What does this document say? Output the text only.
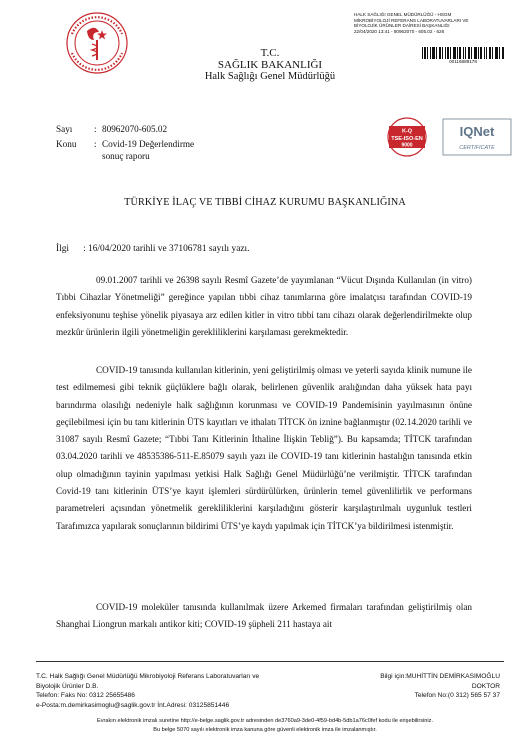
T.C.
SAĞLIK BAKANLIĞI
Halk Sağlığı Genel Müdürlüğü
HALK SAĞLIĞI GENEL MÜDÜRLÜĞÜ - HSGM
MİKROBİYOLOJİ REFERANS LABORATUVARLARI VE
BİYOLOJİK ÜRÜNLER DAİRESİ BAŞKANLIĞI
22/04/2020 13:41 - 80962070 - 605.02 - 626
00116889178
Sayı : 80962070-605.02
Konu : Covid-19 Değerlendirme sonuç raporu
K-Q
TSE-ISO-EN
9000
IQNet
CERTIFICATE
TÜRKİYE İLAÇ VE TIBBİ CİHAZ KURUMU BAŞKANLIĞINA
İlgi      : 16/04/2020 tarihli ve 37106781 sayılı yazı.
09.01.2007 tarihli ve 26398 sayılı Resmî Gazete’de yayımlanan “Vücut Dışında Kullanılan (in vitro) Tıbbi Cihazlar Yönetmeliği” gereğince yapılan tıbbi cihaz tanımlarına göre imalatçısı tarafından COVID-19 enfeksiyonunu teşhise yönelik piyasaya arz edilen kitler in vitro tıbbi tanı cihazı olarak değerlendirilmekte olup mezkûr ürünlerin ilgili yönetmeliğin gerekliliklerini karşılaması gerekmektedir.
COVID-19 tanısında kullanılan kitlerinin, yeni geliştirilmiş olması ve yeterli sayıda klinik numune ile test edilmemesi gibi teknik güçlüklere bağlı olarak, belirlenen güvenlik aralığından daha yüksek hata payı barındırma olasılığı nedeniyle halk sağlığının korunması ve COVID-19 Pandemisinin yayılmasının önüne geçilebilmesi için bu tanı kitlerinin ÜTS kayıtları ve ithalatı TİTCK ön iznine bağlanmıştır (02.14.2020 tarihli ve 31087 sayılı Resmî Gazete; “Tıbbi Tanı Kitlerinin İthaline İlişkin Tebliğ”). Bu kapsamda; TİTCK tarafından 03.04.2020 tarihli ve 48535386-511-E.85079 sayılı yazı ile COVID-19 tanı kitlerinin hastalığın tanısında etkin olup olmadığının tayinin yapılması yetkisi Halk Sağlığı Genel Müdürlüğü’ne verilmiştir. TİTCK tarafından Covid-19 tanı kitlerinin ÜTS’ye kayıt işlemleri sürdürülürken, ürünlerin temel güvenlilirlik ve performans parametreleri açısından yönetmelik gerekliliklerini karşıladığını gösterir karşılaştırılmalı uygunluk testleri Tarafımızca yapılarak sonuçlarının bildirimi ÜTS’ye kaydı yapılmak için TİTCK’ya bildirilmesi istenmiştir.
COVID-19 moleküler tanısında kullanılmak üzere Arkemed firmaları tarafından geliştirilmiş olan Shanghai Liongrun markalı antikor kiti; COVID-19 şüpheli 211 hastaya ait
T.C. Halk Sağlığı Genel Müdürlüğü Mikrobiyoloji Referans Laboratuvarları ve
Biyolojik Ürünler D.B.
Telefon: Faks No: 0312 25655486
e-Posta:m.demirkasimoglu@saglik.gov.tr İnt.Adresi: 03125851446
Bilgi için:MUHİTTİN DEMİRKASIMOĞLU
DOKTOR
Telefon No:(0 312) 565 57 37
Evrakın elektronik imzalı suretine http://e-belge.saglik.gov.tr adresinden de3760a9-3de0-4f59-bd4b-5db1a76c0fef kodu ile erişebilirsiniz.
Bu belge 5070 sayılı elektronik imza kanuna göre güvenli elektronik imza ile imzalanmıştır.
